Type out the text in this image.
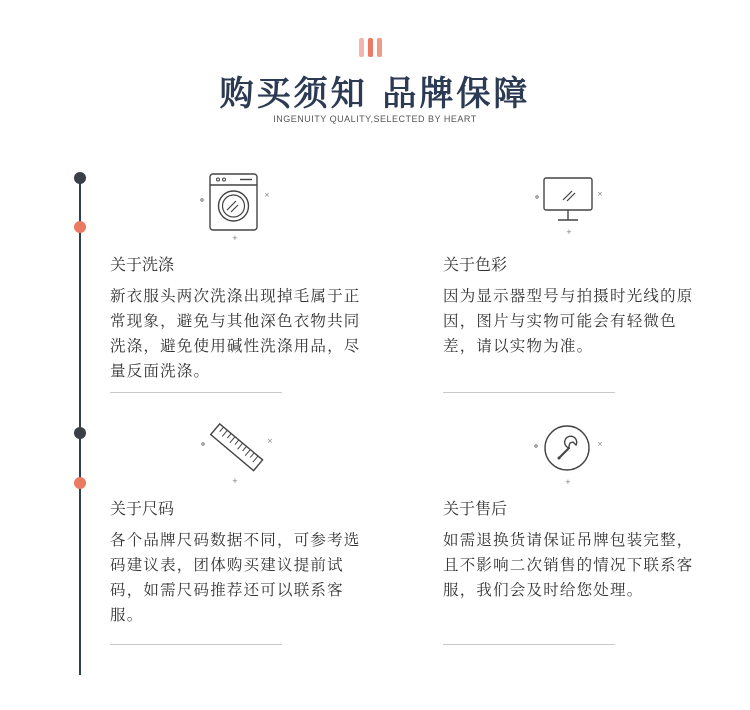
购买须知 品牌保障
INGENUITY QUALITY,SELECTED BY HEART
×
+
关于洗涤
新衣服头两次洗涤出现掉毛属于正常现象，避免与其他深色衣物共同洗涤，避免使用碱性洗涤用品，尽量反面洗涤。
×
+
关于色彩
因为显示器型号与拍摄时光线的原因，图片与实物可能会有轻微色差，请以实物为准。
×
+
关于尺码
各个品牌尺码数据不同，可参考选码建议表，团体购买建议提前试码，如需尺码推荐还可以联系客服。
×
+
关于售后
如需退换货请保证吊牌包装完整，且不影响二次销售的情况下联系客服，我们会及时给您处理。
